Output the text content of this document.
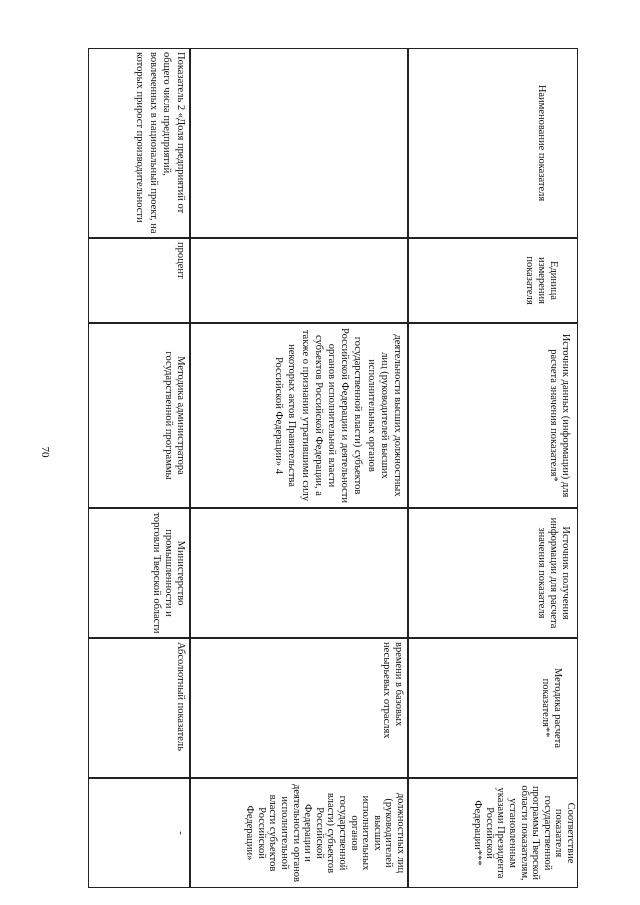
70
Наименование показателя
Единица измерения показателя
Источник данных (информации) для расчета значения показателя*
Источник получения информации для расчета значения показателя
Методика расчета показателя**
Соответствие показателя государственной программы Тверской области показателям, установленным указами Президента Российской Федерации***
деятельности высших должностных лиц (руководителей высших исполнительных органов государственной власти) субъектов Российской Федерации и деятельности органов исполнительной власти субъектов Российской Федерации, а также о признании утратившими силу некоторых актов Правительства Российской Федерации» 4
времени в базовых несырьевых отраслях
должностных лиц (руководителей высших исполнительных органов государственной власти) субъектов Российской Федерации и деятельности органов исполнительной власти субъектов Российской Федерации»
Показатель 2 «Доля предприятий от общего числа предприятий, вовлеченных в национальный проект, на которых прирост производительности
процент
Методика администратора государственной программы
Министерство промышленности и торговли Тверской области
Абсолютный показатель
-
